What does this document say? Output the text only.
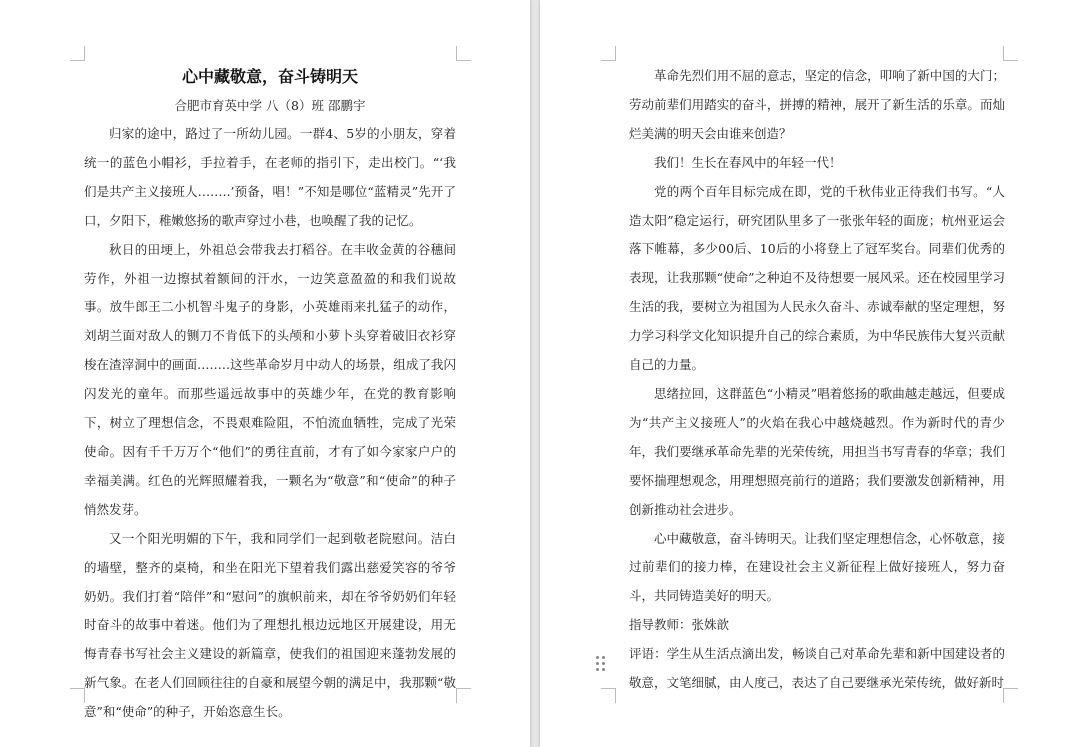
心中藏敬意，奋斗铸明天
合肥市育英中学 八（8）班 邵鹏宇

归家的途中，路过了一所幼儿园。一群4、5岁的小朋友，穿着统一的蓝色小帽衫，手拉着手，在老师的指引下，走出校门。“‘我们是共产主义接班人….….’预备，唱！”不知是哪位“蓝精灵”先开了口，夕阳下，稚嫩悠扬的歌声穿过小巷，也唤醒了我的记忆。

秋日的田埂上，外祖总会带我去打稻谷。在丰收金黄的谷穗间劳作，外祖一边擦拭着额间的汗水，一边笑意盈盈的和我们说故事。放牛郎王二小机智斗鬼子的身影，小英雄雨来扎猛子的动作，刘胡兰面对敌人的铡刀不肯低下的头颅和小萝卜头穿着破旧衣衫穿梭在渣滓洞中的画面….….这些革命岁月中动人的场景，组成了我闪闪发光的童年。而那些遥远故事中的英雄少年，在党的教育影响下，树立了理想信念，不畏艰难险阻，不怕流血牺牲，完成了光荣使命。因有千千万万个“他们”的勇往直前，才有了如今家家户户的幸福美满。红色的光辉照耀着我，一颗名为“敬意”和“使命”的种子悄然发芽。

又一个阳光明媚的下午，我和同学们一起到敬老院慰问。洁白的墙壁，整齐的桌椅，和坐在阳光下望着我们露出慈爱笑容的爷爷奶奶。我们打着“陪伴”和“慰问”的旗帜前来，却在爷爷奶奶们年轻时奋斗的故事中着迷。他们为了理想扎根边远地区开展建设，用无悔青春书写社会主义建设的新篇章，使我们的祖国迎来蓬勃发展的新气象。在老人们回顾往往的自豪和展望今朝的满足中，我那颗“敬意”和“使命”的种子，开始恣意生长。

革命先烈们用不屈的意志，坚定的信念，叩响了新中国的大门；劳动前辈们用踏实的奋斗，拼搏的精神，展开了新生活的乐章。而灿烂美满的明天会由谁来创造？

我们！生长在春风中的年轻一代！

党的两个百年目标完成在即，党的千秋伟业正待我们书写。“人造太阳”稳定运行，研究团队里多了一张张年轻的面庞；杭州亚运会落下帷幕，多少00后、10后的小将登上了冠军奖台。同辈们优秀的表现，让我那颗“使命”之种迫不及待想要一展风采。还在校园里学习生活的我，要树立为祖国为人民永久奋斗、赤诚奉献的坚定理想，努力学习科学文化知识提升自己的综合素质，为中华民族伟大复兴贡献自己的力量。

思绪拉回，这群蓝色“小精灵”唱着悠扬的歌曲越走越远，但要成为“共产主义接班人”的火焰在我心中越烧越烈。作为新时代的青少年，我们要继承革命先辈的光荣传统，用担当书写青春的华章；我们要怀揣理想观念，用理想照亮前行的道路；我们要激发创新精神，用创新推动社会进步。

心中藏敬意，奋斗铸明天。让我们坚定理想信念，心怀敬意，接过前辈们的接力棒，在建设社会主义新征程上做好接班人，努力奋斗，共同铸造美好的明天。

指导教师：张姝歆

评语：学生从生活点滴出发，畅谈自己对革命先辈和新中国建设者的敬意，文笔细腻，由人度己，表达了自己要继承光荣传统，做好新时
